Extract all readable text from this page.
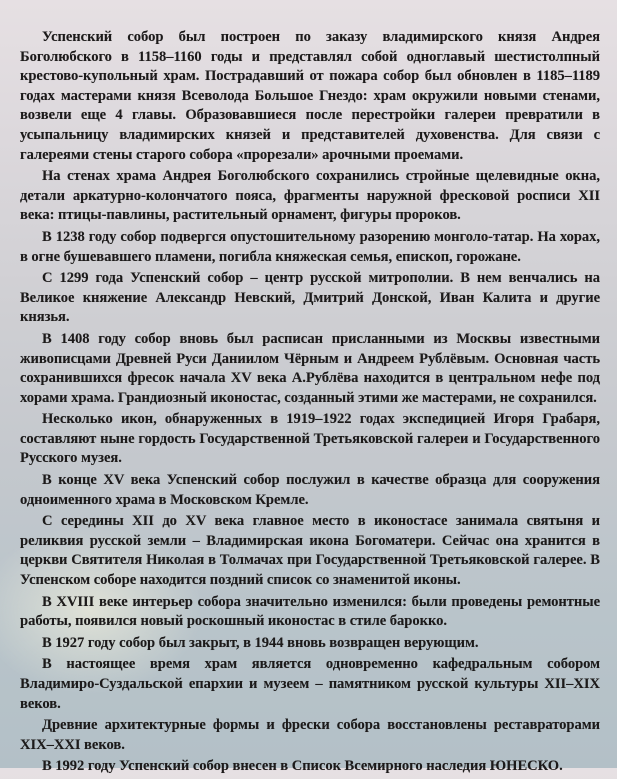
Успенский собор был построен по заказу владимирского князя Андрея Боголюбского в 1158–1160 годы и представлял собой одноглавый шестистолпный крестово-купольный храм. Пострадавший от пожара собор был обновлен в 1185–1189 годах мастерами князя Всеволода Большое Гнездо: храм окружили новыми стенами, возвели еще 4 главы. Образовавшиеся после перестройки галереи превратили в усыпальницу владимирских князей и представителей духовенства. Для связи с галереями стены старого собора «прорезали» арочными проемами.

На стенах храма Андрея Боголюбского сохранились стройные щелевидные окна, детали аркатурно-колончатого пояса, фрагменты наружной фресковой росписи XII века: птицы-павлины, растительный орнамент, фигуры пророков.

В 1238 году собор подвергся опустошительному разорению монголо-татар. На хорах, в огне бушевавшего пламени, погибла княжеская семья, епископ, горожане.

С 1299 года Успенский собор – центр русской митрополии. В нем венчались на Великое княжение Александр Невский, Дмитрий Донской, Иван Калита и другие князья.

В 1408 году собор вновь был расписан присланными из Москвы известными живописцами Древней Руси Даниилом Чёрным и Андреем Рублёвым. Основная часть сохранившихся фресок начала XV века А.Рублёва находится в центральном нефе под хорами храма. Грандиозный иконостас, созданный этими же мастерами, не сохранился.

Несколько икон, обнаруженных в 1919–1922 годах экспедицией Игоря Грабаря, составляют ныне гордость Государственной Третьяковской галереи и Государственного Русского музея.

В конце XV века Успенский собор послужил в качестве образца для сооружения одноименного храма в Московском Кремле.

С середины XII до XV века главное место в иконостасе занимала святыня и реликвия русской земли – Владимирская икона Богоматери. Сейчас она хранится в церкви Святителя Николая в Толмачах при Государственной Третьяковской галерее. В Успенском соборе находится поздний список со знаменитой иконы.

В XVIII веке интерьер собора значительно изменился: были проведены ремонтные работы, появился новый роскошный иконостас в стиле барокко.

В 1927 году собор был закрыт, в 1944 вновь возвращен верующим.

В настоящее время храм является одновременно кафедральным собором Владимиро-Суздальской епархии и музеем – памятником русской культуры XII–XIX веков.

Древние архитектурные формы и фрески собора восстановлены реставраторами XIX–XXI веков.

В 1992 году Успенский собор внесен в Список Всемирного наследия ЮНЕСКО.
